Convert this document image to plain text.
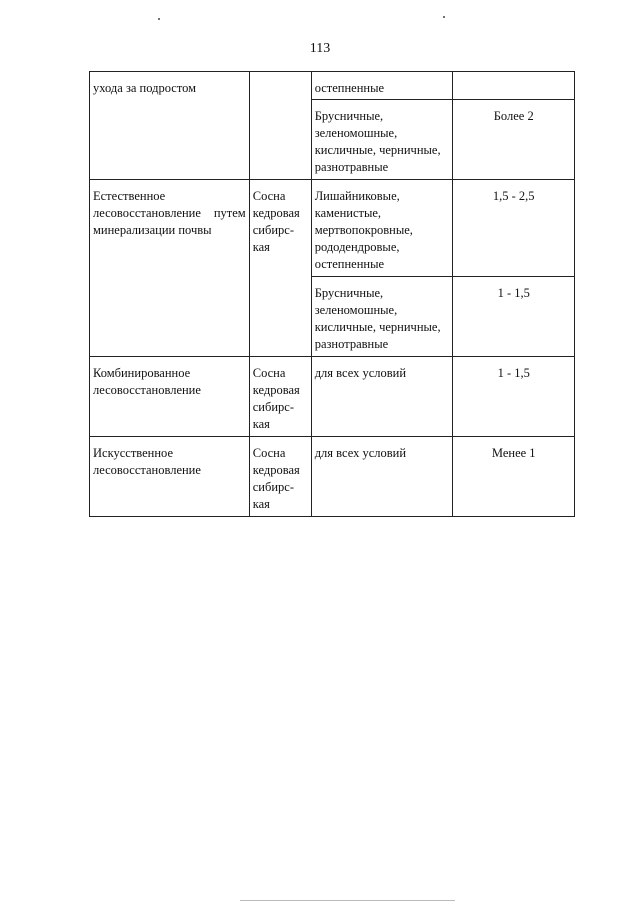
113
ухода за подростом		остепненные	
		Брусничные,
зеленомошные,
кисличные, черничные,
разнотравные	Более 2
Естественное лесовосстановление путем минерализации почвы	Сосна
кедровая
сибирс-
кая	Лишайниковые,
каменистые,
мертвопокровные,
рододендровые,
остепненные	1,5 - 2,5
		Брусничные,
зеленомошные,
кисличные, черничные,
разнотравные	1 - 1,5
Комбинированное
лесовосстановление	Сосна
кедровая
сибирс-
кая	для всех условий	1 - 1,5
Искусственное
лесовосстановление	Сосна
кедровая
сибирс-
кая	для всех условий	Менее 1
